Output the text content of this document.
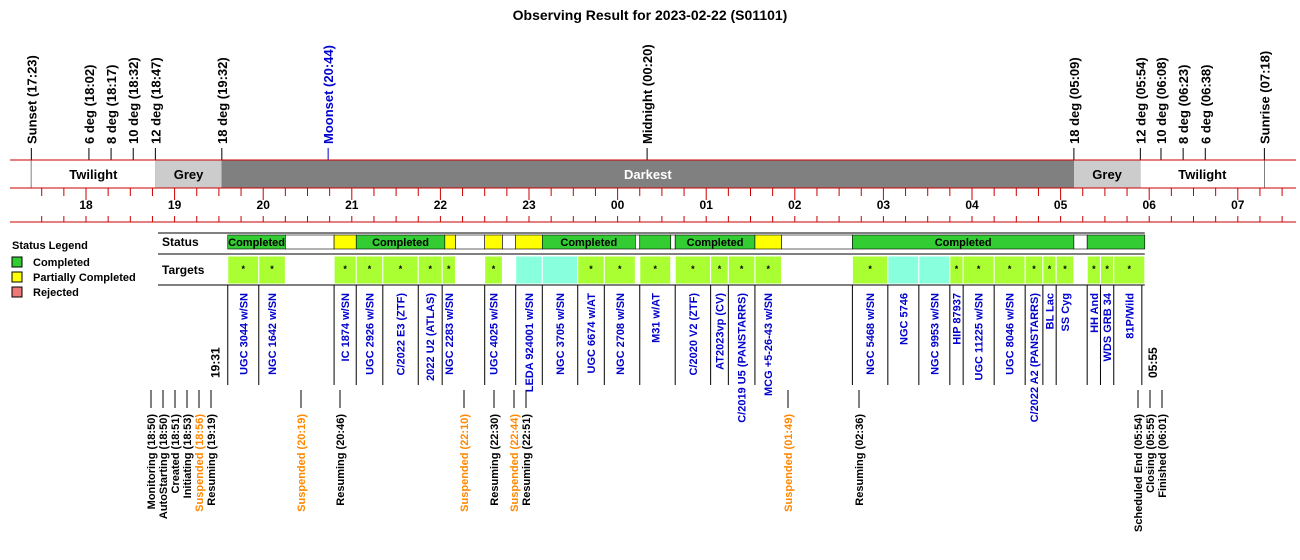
Observing Result for 2023-02-22 (S01101)
Sunset (17:23)	6 deg (18:02) 8 deg (18:17) 10 deg (18:32) 12 deg (18:47)	18 deg (19:32)	Moonset (20:44)	Midnight (00:20)	18 deg (05:09)	12 deg (05:54) 10 deg (06:08) 8 deg (06:23) 6 deg (06:38)	Sunrise (07:18)
Twilight	Grey	Darkest	Grey	Twilight
18	19	20	21	22	23	00	01	02	03	04	05	06	07
Status	Completed	Completed	Completed	Completed	Completed
Targets	*
UGC 3044 w/SN
*
NGC 1642 w/SN
*
IC 1874 w/SN
*
UGC 2926 w/SN
*
C/2022 E3 (ZTF)
*
2022 U2 (ATLAS)
*
NGC 2283 w/SN
*
UGC 4025 w/SN LEDA 924001 w/SN NGC 3705 w/SN
*
UGC 6674 w/AT
*
NGC 2708 w/SN
*
M31 w/AT
*
C/2020 V2 (ZTF)
*
AT2023vp (CV)
*
C/2019 U5 (PANSTARRS)
*
MCG +5-26-43 w/SN
*
NGC 5468 w/SN NGC 5746 NGC 9953 w/SN
*
HIP 87937
*
UGC 11225 w/SN
*
UGC 8046 w/SN
*
C/2022 A2 (PANSTARRS)
*
BL Lac
*
SS Cyg
*
HH And
*
WDS GRB 34
*
81P/Wild
19:31	05:55
Monitoring (18:50) AutoStarting (18:50) Created (18:51) Initiating (18:53) Suspended (18:56) Resuming (19:19)	Suspended (20:19) Resuming (20:46)	Suspended (22:10) Resuming (22:30) Suspended (22:44) Resuming (22:51)	Suspended (01:49)	Resuming (02:36)	Scheduled End (05:54) Closing (05:55) Finished (06:01)
Status Legend
Completed
Partially Completed
Rejected
